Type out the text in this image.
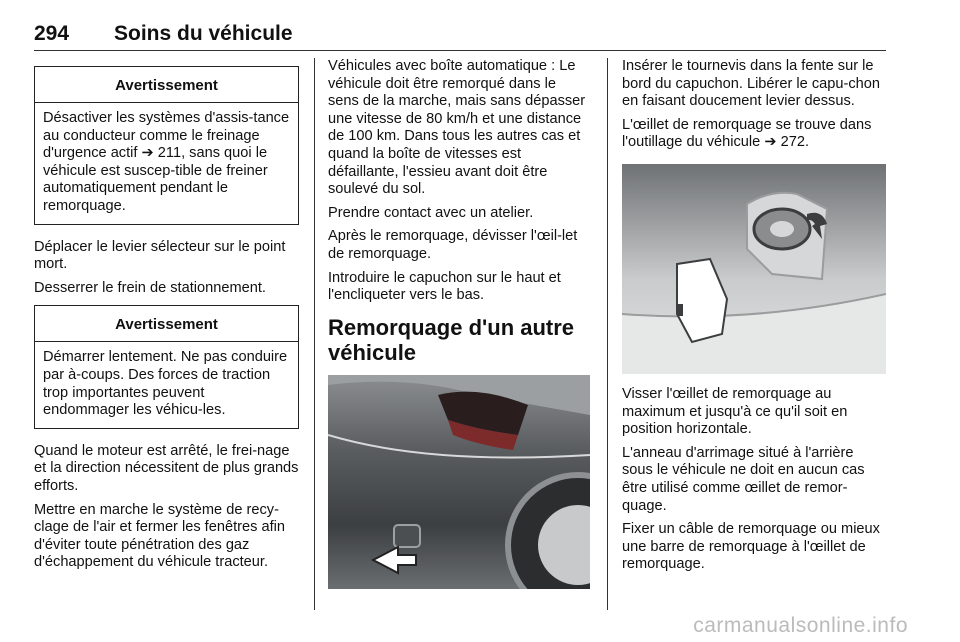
294 Soins du véhicule
Avertissement
Désactiver les systèmes d'assis-tance au conducteur comme le freinage d'urgence actif ➔ 211, sans quoi le véhicule est suscep-tible de freiner automatiquement pendant le remorquage.

Déplacer le levier sélecteur sur le point mort.

Desserrer le frein de stationnement.

Avertissement
Démarrer lentement. Ne pas conduire par à-coups. Des forces de traction trop importantes peuvent endommager les véhicu-les.

Quand le moteur est arrêté, le frei-nage et la direction nécessitent de plus grands efforts.

Mettre en marche le système de recy-clage de l'air et fermer les fenêtres afin d'éviter toute pénétration des gaz d'échappement du véhicule tracteur.

Véhicules avec boîte automatique : Le véhicule doit être remorqué dans le sens de la marche, mais sans dépasser une vitesse de 80 km/h et une distance de 100 km. Dans tous les autres cas et quand la boîte de vitesses est défaillante, l'essieu avant doit être soulevé du sol.

Prendre contact avec un atelier.

Après le remorquage, dévisser l'œil-let de remorquage.

Introduire le capuchon sur le haut et l'encliqueter vers le bas.

Remorquage d'un autre véhicule

Insérer le tournevis dans la fente sur le bord du capuchon. Libérer le capu-chon en faisant doucement levier dessus.

L'œillet de remorquage se trouve dans l'outillage du véhicule ➔ 272.

Visser l'œillet de remorquage au maximum et jusqu'à ce qu'il soit en position horizontale.

L'anneau d'arrimage situé à l'arrière sous le véhicule ne doit en aucun cas être utilisé comme œillet de remor-quage.

Fixer un câble de remorquage ou mieux une barre de remorquage à l'œillet de remorquage.

carmanualsonline.info
